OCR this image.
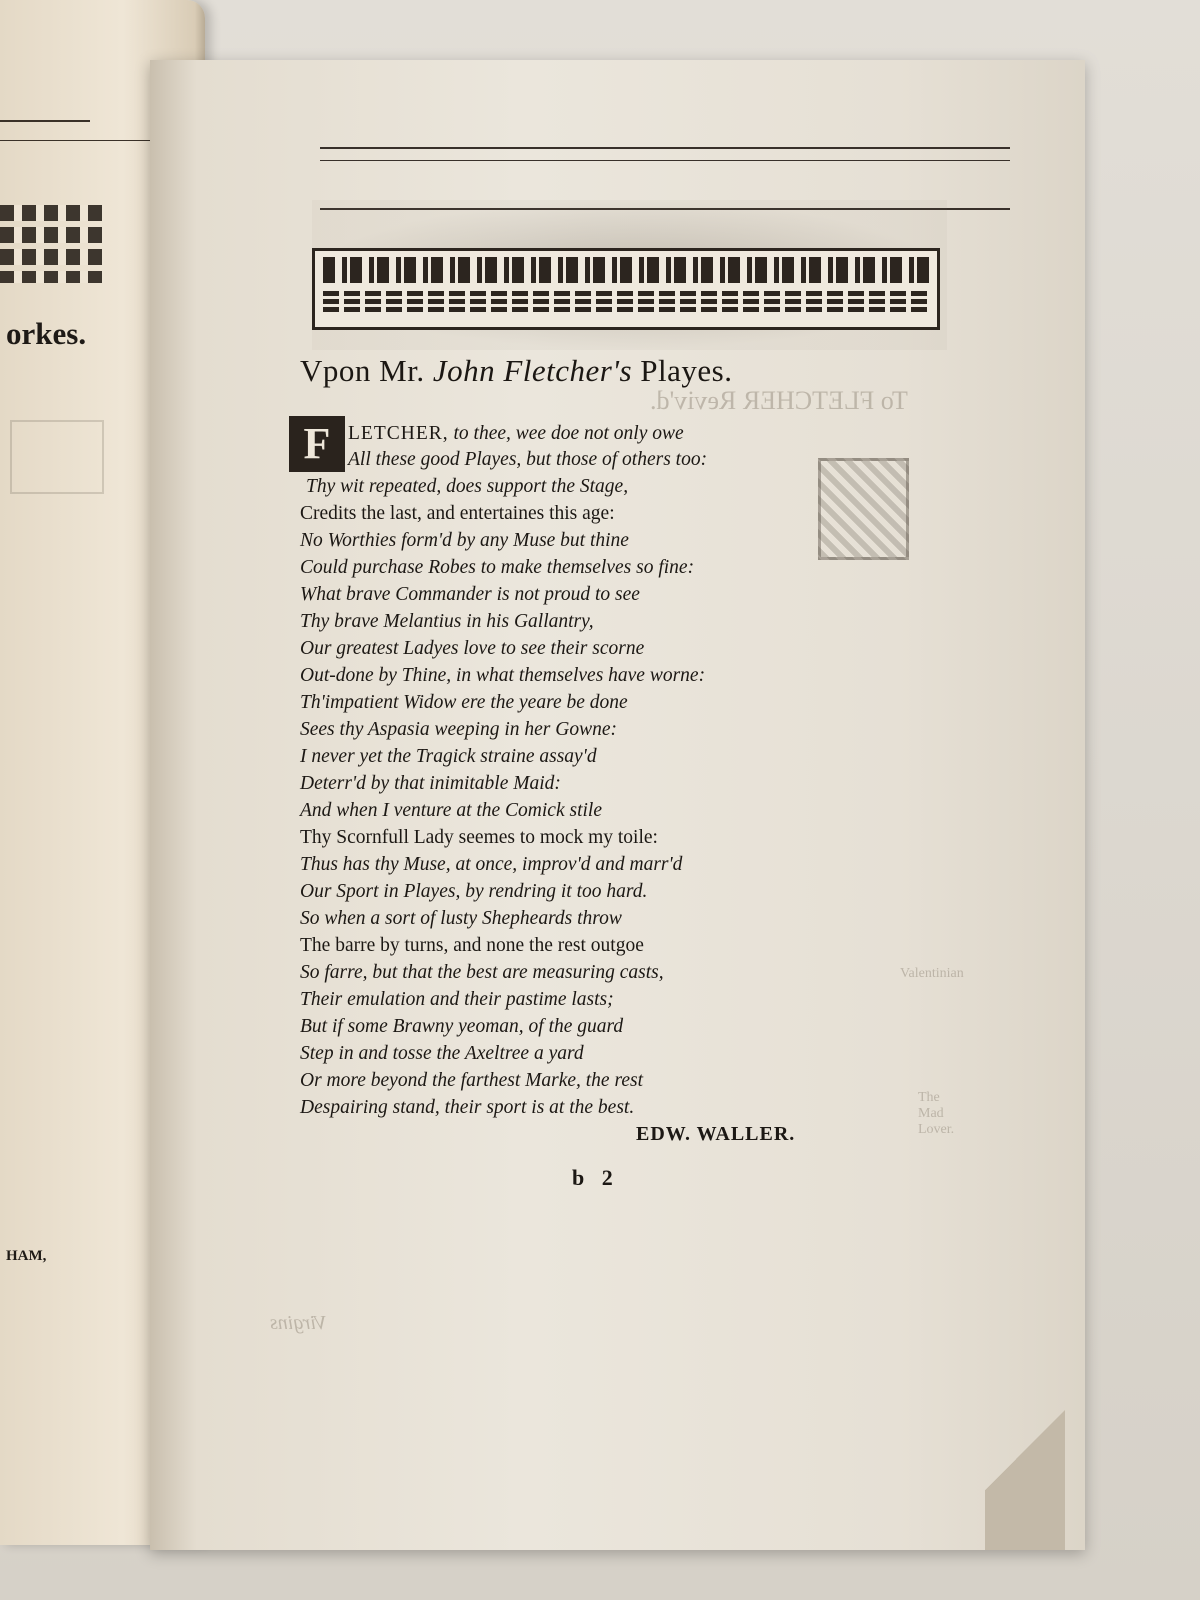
orkes.
HAM,
To FLETCHER Reviv'd.
Valentinian
The Mad Lover.
Virgins
Vpon Mr. John Fletcher's Playes.
F LETCHER, to thee, wee doe not only owe
All these good Playes, but those of others too:
Thy wit repeated, does support the Stage,
Credits the last, and entertaines this age:
No Worthies form'd by any Muse but thine
Could purchase Robes to make themselves so fine:
What brave Commander is not proud to see
Thy brave Melantius in his Gallantry,
Our greatest Ladyes love to see their scorne
Out-done by Thine, in what themselves have worne:
Th'impatient Widow ere the yeare be done
Sees thy Aspasia weeping in her Gowne:
I never yet the Tragick straine assay'd
Deterr'd by that inimitable Maid:
And when I venture at the Comick stile
Thy Scornfull Lady seemes to mock my toile:
Thus has thy Muse, at once, improv'd and marr'd
Our Sport in Playes, by rendring it too hard.
So when a sort of lusty Shepheards throw
The barre by turns, and none the rest outgoe
So farre, but that the best are measuring casts,
Their emulation and their pastime lasts;
But if some Brawny yeoman, of the guard
Step in and tosse the Axeltree a yard
Or more beyond the farthest Marke, the rest
Despairing stand, their sport is at the best.
EDW. WALLER.
b 2
